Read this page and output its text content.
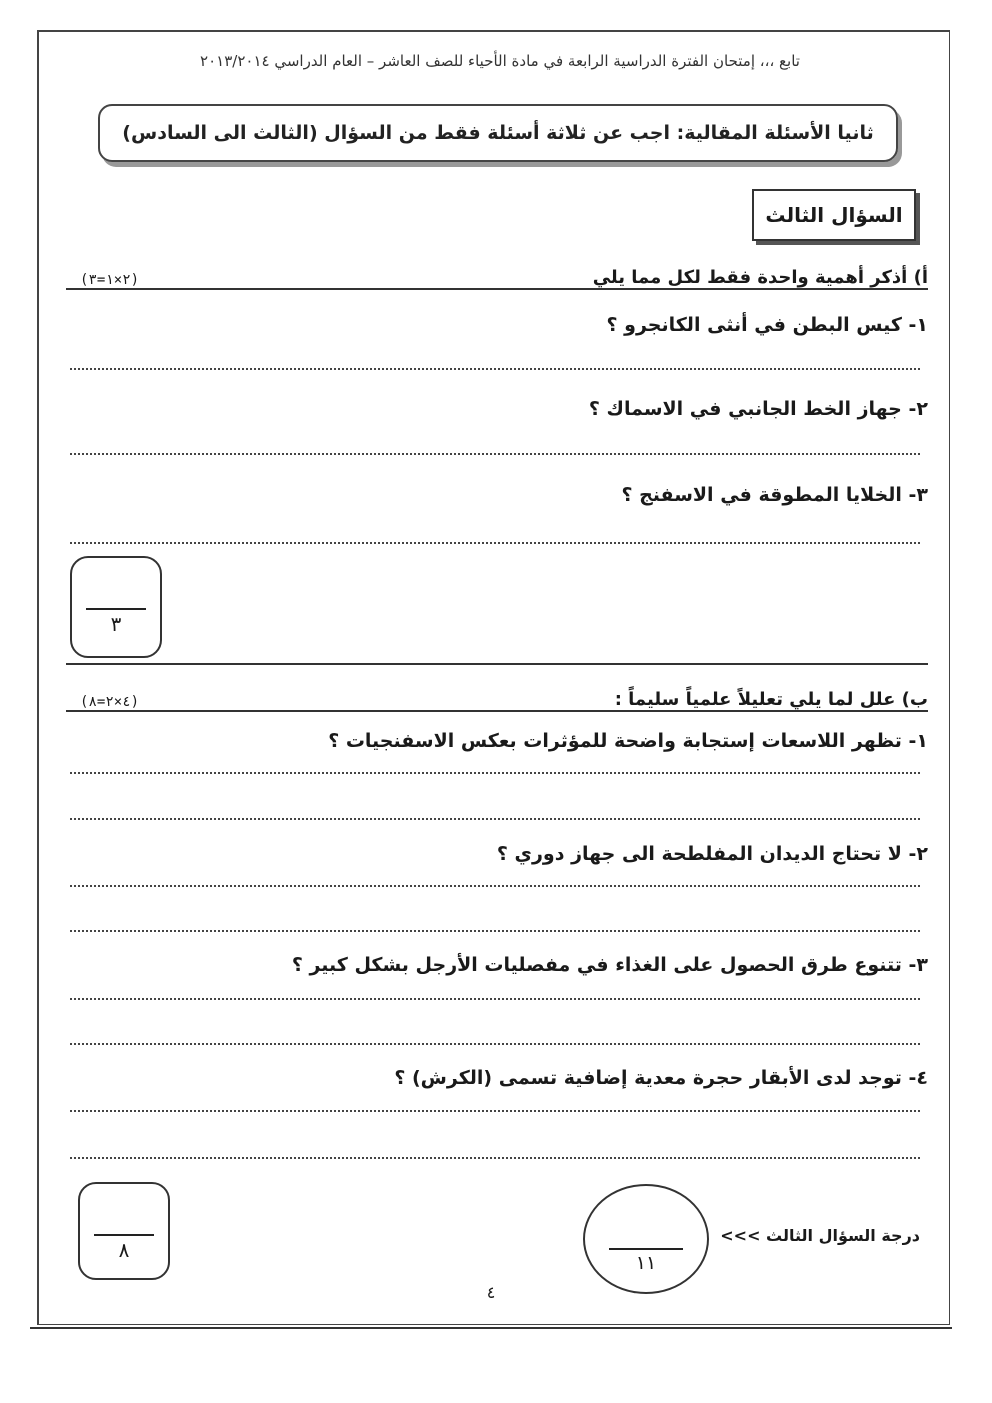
تابع ،،، إمتحان الفترة الدراسية الرابعة في مادة الأحياء للصف العاشر – العام الدراسي ٢٠١٣/٢٠١٤
ثانيا الأسئلة المقالية: اجب عن ثلاثة أسئلة فقط من السؤال (الثالث الى السادس)
السؤال الثالث
أ) أذكر أهمية واحدة فقط لكل مما يلي
(٢×١=٣)
١- كيس البطن في أنثى الكانجرو ؟
٢- جهاز الخط الجانبي في الاسماك ؟
٣- الخلايا المطوقة في الاسفنج ؟
٣
ب) علل لما يلي تعليلاً علمياً سليماً :
(٤×٢=٨)
١- تظهر اللاسعات إستجابة واضحة للمؤثرات بعكس الاسفنجيات ؟
٢- لا تحتاج الديدان المفلطحة الى جهاز دوري ؟
٣- تتنوع طرق الحصول على الغذاء في مفصليات الأرجل بشكل كبير ؟
٤- توجد لدى الأبقار حجرة معدية إضافية تسمى (الكرش) ؟
٨
١١
درجة السؤال الثالث >>>
٤
